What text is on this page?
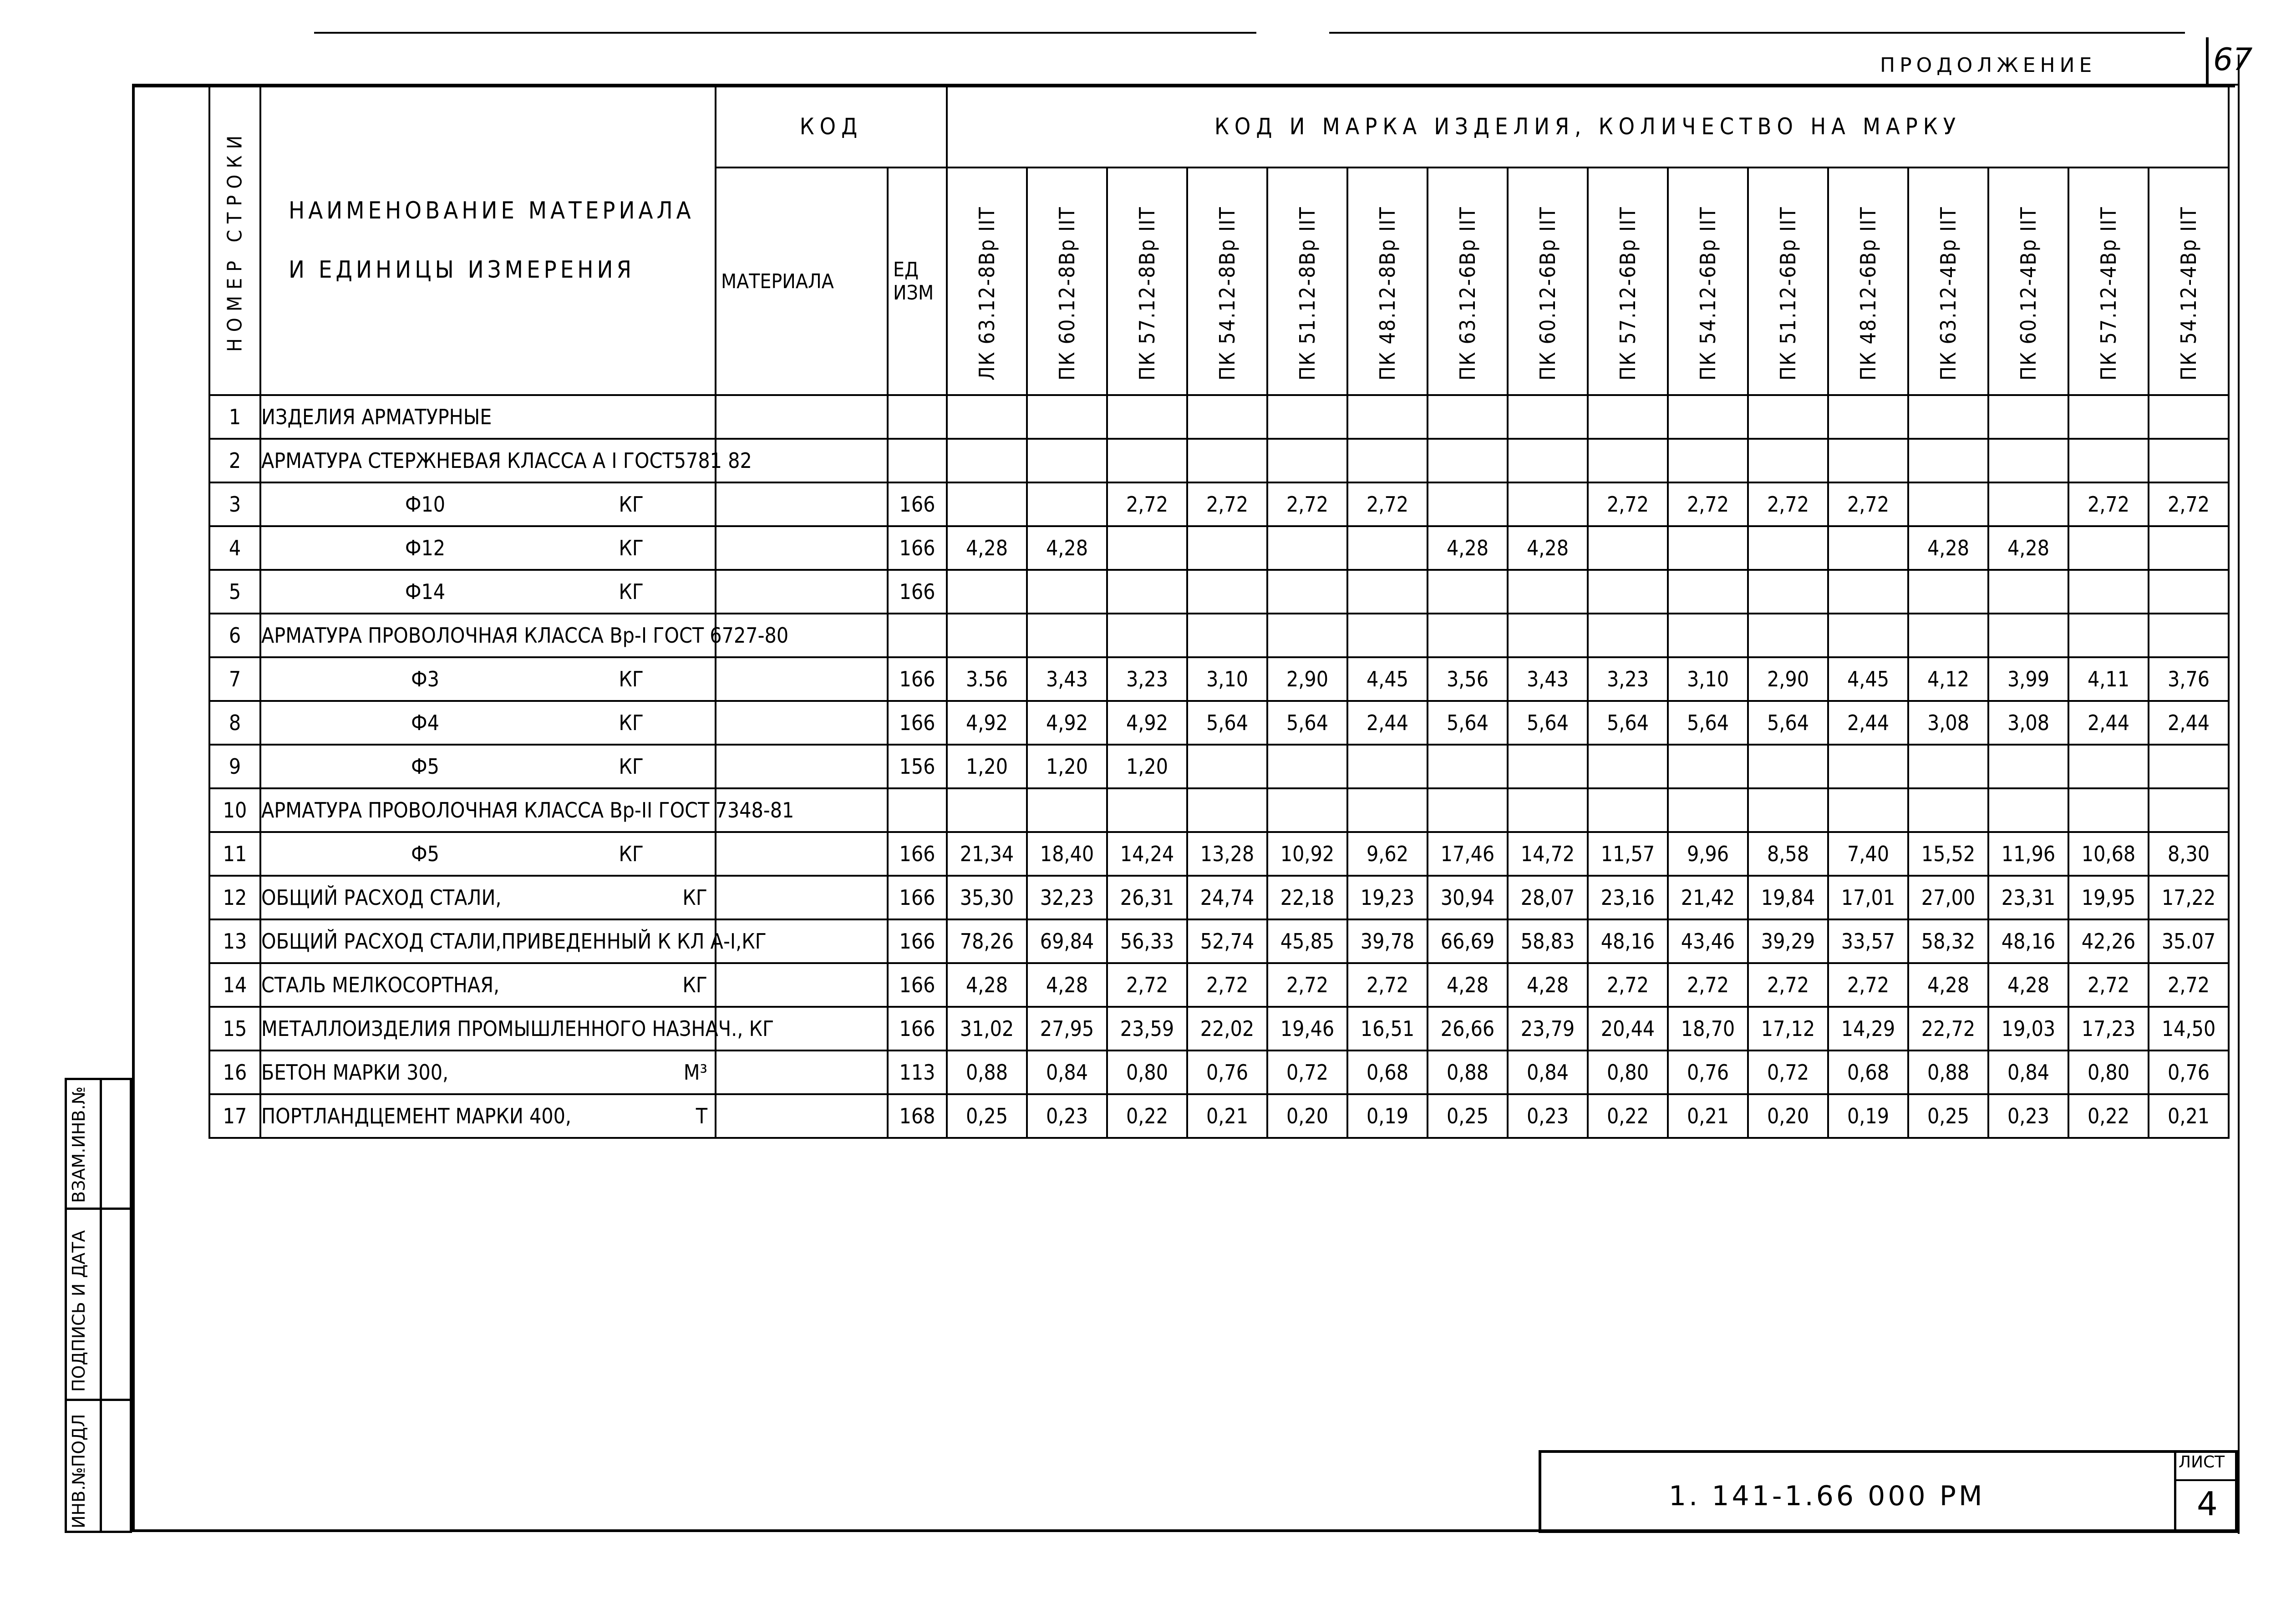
ПРОДОЛЖЕНИЕ	67
ВЗАМ.ИНВ.№
ПОДПИСЬ И ДАТА
ИНВ.№ПОДЛ
НОМЕР СТРОКИ	НАИМЕНОВАНИЕ МАТЕРИАЛА
И ЕДИНИЦЫ ИЗМЕРЕНИЯ	КОД		КОД И МАРКА ИЗДЕЛИЯ, КОЛИЧЕСТВО НА МАРКУ															
		МАТЕРИАЛА	ЕД ИЗМ	ЛК 63.12-8Вр IIТ	ПК 60.12-8Вр IIТ	ПК 57.12-8Вр IIТ	ПК 54.12-8Вр IIТ	ПК 51.12-8Вр IIТ	ПК 48.12-8Вр IIТ	ПК 63.12-6Вр IIТ	ПК 60.12-6Вр IIТ	ПК 57.12-6Вр IIТ	ПК 54.12-6Вр IIТ	ПК 51.12-6Вр IIТ	ПК 48.12-6Вр IIТ	ПК 63.12-4Вр IIТ	ПК 60.12-4Вр IIТ	ПК 57.12-4Вр IIТ	ПК 54.12-4Вр IIТ
1	ИЗДЕЛИЯ АРМАТУРНЫЕ																		
2	АРМАТУРА СТЕРЖНЕВАЯ КЛАССА А I ГОСТ5781 82																		
3	Ф10 КГ		166			2,72	2,72	2,72	2,72			2,72	2,72	2,72	2,72			2,72	2,72
4	Ф12 КГ		166	4,28	4,28					4,28	4,28					4,28	4,28		
5	Ф14 КГ		166																
6	АРМАТУРА ПРОВОЛОЧНАЯ КЛАССА Вр-I ГОСТ 6727-80																		
7	Ф3 КГ		166	3.56	3,43	3,23	3,10	2,90	4,45	3,56	3,43	3,23	3,10	2,90	4,45	4,12	3,99	4,11	3,76
8	Ф4 КГ		166	4,92	4,92	4,92	5,64	5,64	2,44	5,64	5,64	5,64	5,64	5,64	2,44	3,08	3,08	2,44	2,44
9	Ф5 КГ		156	1,20	1,20	1,20													
10	АРМАТУРА ПРОВОЛОЧНАЯ КЛАССА Вр-II ГОСТ 7348-81																		
11	Ф5 КГ		166	21,34	18,40	14,24	13,28	10,92	9,62	17,46	14,72	11,57	9,96	8,58	7,40	15,52	11,96	10,68	8,30
12	ОБЩИЙ РАСХОД СТАЛИ, КГ		166	35,30	32,23	26,31	24,74	22,18	19,23	30,94	28,07	23,16	21,42	19,84	17,01	27,00	23,31	19,95	17,22
13	ОБЩИЙ РАСХОД СТАЛИ,ПРИВЕДЕННЫЙ К КЛ А-I,КГ		166	78,26	69,84	56,33	52,74	45,85	39,78	66,69	58,83	48,16	43,46	39,29	33,57	58,32	48,16	42,26	35.07
14	СТАЛЬ МЕЛКОСОРТНАЯ, КГ		166	4,28	4,28	2,72	2,72	2,72	2,72	4,28	4,28	2,72	2,72	2,72	2,72	4,28	4,28	2,72	2,72
15	МЕТАЛЛОИЗДЕЛИЯ ПРОМЫШЛЕННОГО НАЗНАЧ., КГ		166	31,02	27,95	23,59	22,02	19,46	16,51	26,66	23,79	20,44	18,70	17,12	14,29	22,72	19,03	17,23	14,50
16	БЕТОН МАРКИ 300, М³		113	0,88	0,84	0,80	0,76	0,72	0,68	0,88	0,84	0,80	0,76	0,72	0,68	0,88	0,84	0,80	0,76
17	ПОРТЛАНДЦЕМЕНТ МАРКИ 400, Т		168	0,25	0,23	0,22	0,21	0,20	0,19	0,25	0,23	0,22	0,21	0,20	0,19	0,25	0,23	0,22	0,21
1. 141-1.66 000 РМ
ЛИСТ
4
